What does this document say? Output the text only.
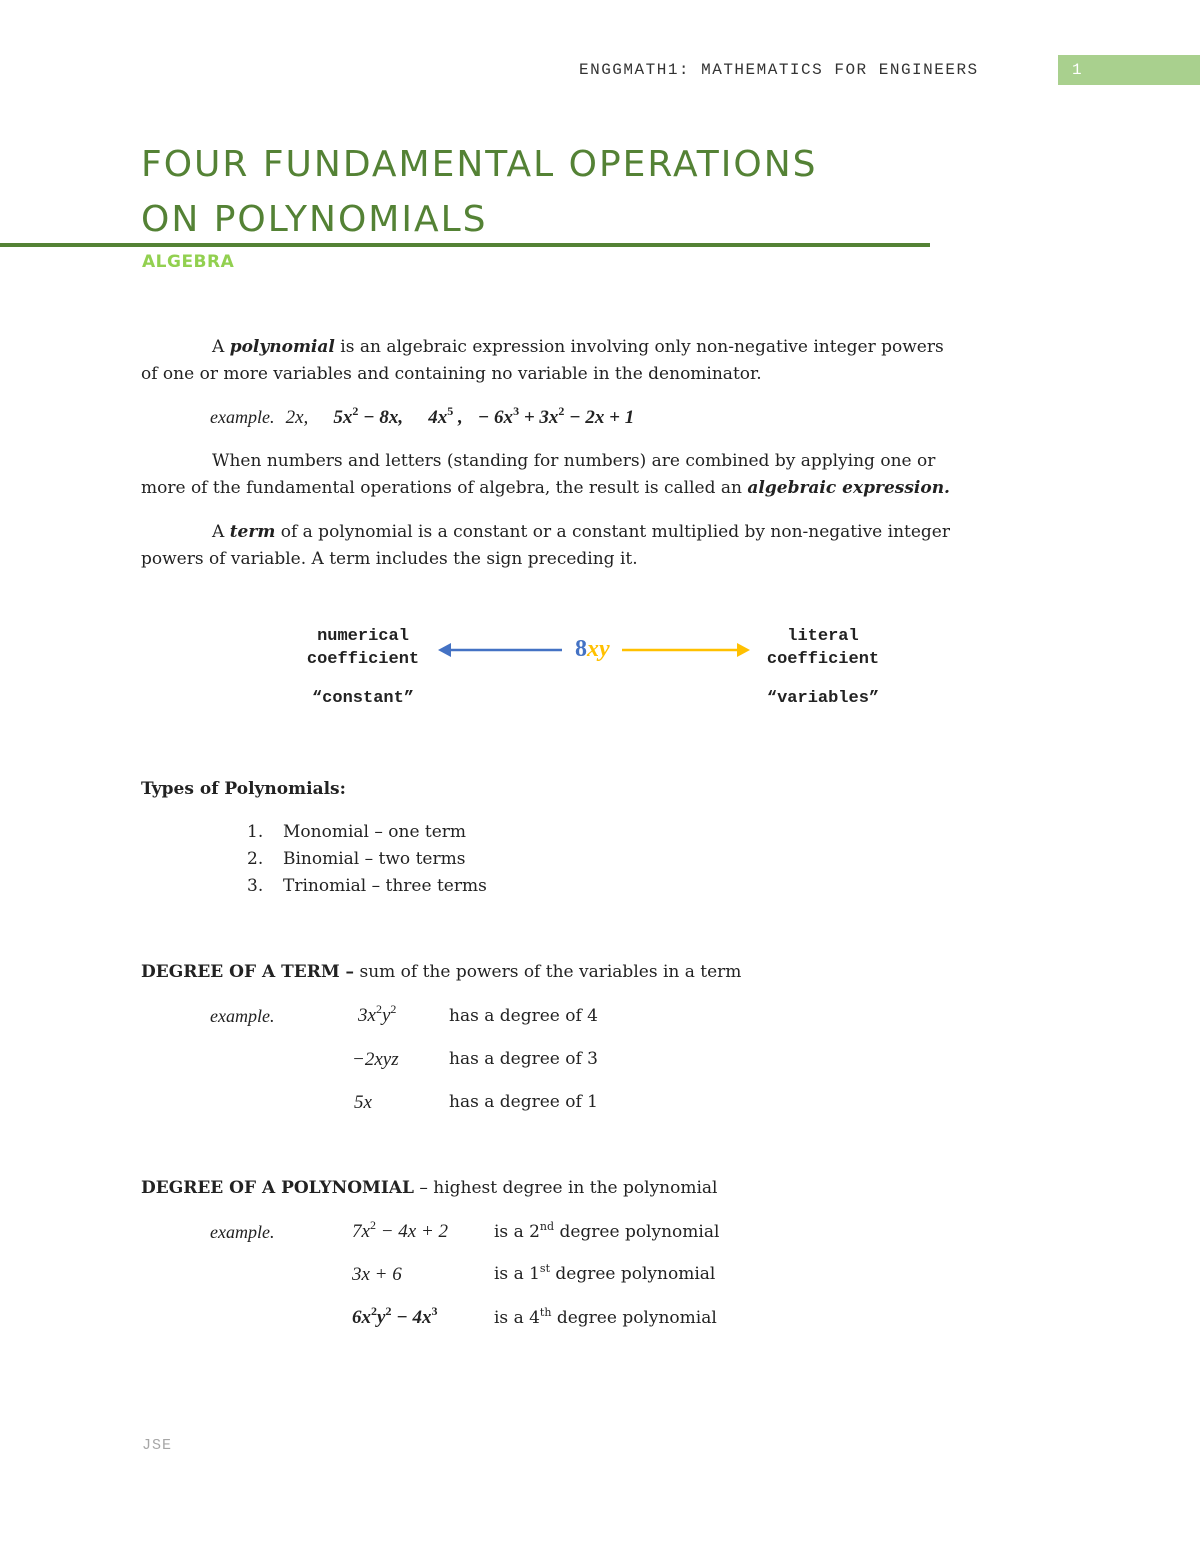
ENGGMATH1: MATHEMATICS FOR ENGINEERS	1
FOUR FUNDAMENTAL OPERATIONS
ON POLYNOMIALS
ALGEBRA
A polynomial is an algebraic expression involving only non-negative integer powers
of one or more variables and containing no variable in the denominator.
example. 2x, $5x^2 - 8x$, $4x^5$ , − $6x^3 + 3x^2 - 2x + 1$
When numbers and letters (standing for numbers) are combined by applying one or
more of the fundamental operations of algebra, the result is called an algebraic expression.
A term of a polynomial is a constant or a constant multiplied by non-negative integer
powers of variable. A term includes the sign preceding it.
numerical
coefficient
“constant”
literal
coefficient
“variables”
8xy
Types of Polynomials:
1. Monomial – one term
2. Binomial – two terms
3. Trinomial – three terms
DEGREE OF A TERM – sum of the powers of the variables in a term
example.	$3x^2y^2$	has a degree of 4
−2xyz	has a degree of 3
5x	has a degree of 1
DEGREE OF A POLYNOMIAL – highest degree in the polynomial
example.	$7x^2 - 4x + 2$	is a 2nd degree polynomial
3x + 6	is a 1st degree polynomial
$6x^2y^2 - 4x^3$	is a 4th degree polynomial
JSE
